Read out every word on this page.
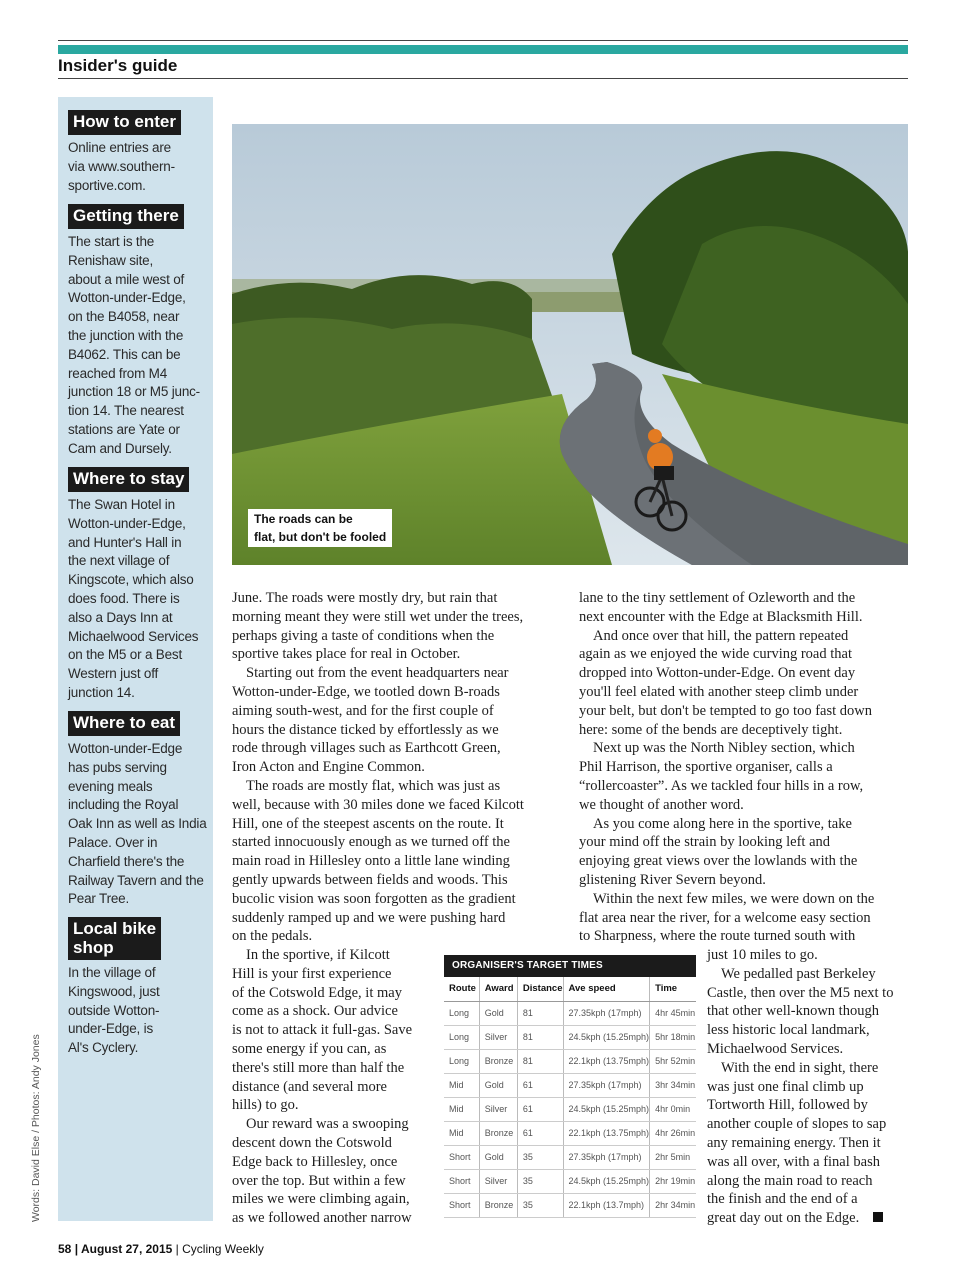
Insider's guide
How to enter
Online entries are
via www.southern-
sportive.com.
Getting there
The start is the
Renishaw site,
about a mile west of
Wotton-under-Edge,
on the B4058, near
the junction with the
B4062. This can be
reached from M4
junction 18 or M5 junc-
tion 14. The nearest
stations are Yate or
Cam and Dursely.
Where to stay
The Swan Hotel in
Wotton-under-Edge,
and Hunter's Hall in
the next village of
Kingscote, which also
does food. There is
also a Days Inn at
Michaelwood Services
on the M5 or a Best
Western just off
junction 14.
Where to eat
Wotton-under-Edge
has pubs serving
evening meals
including the Royal
Oak Inn as well as India
Palace. Over in
Charfield there's the
Railway Tavern and the
Pear Tree.
Local bike
shop
In the village of
Kingswood, just
outside Wotton-
under-Edge, is
Al's Cyclery.
Words: David Else / Photos: Andy Jones
The roads can be
flat, but don't be fooled

June. The roads were mostly dry, but rain that
morning meant they were still wet under the trees,
perhaps giving a taste of conditions when the
sportive takes place for real in October.

Starting out from the event headquarters near
Wotton-under-Edge, we tootled down B-roads
aiming south-west, and for the first couple of
hours the distance ticked by effortlessly as we
rode through villages such as Earthcott Green,
Iron Acton and Engine Common.

The roads are mostly flat, which was just as
well, because with 30 miles done we faced Kilcott
Hill, one of the steepest ascents on the route. It
started innocuously enough as we turned off the
main road in Hillesley onto a little lane winding
gently upwards between fields and woods. This
bucolic vision was soon forgotten as the gradient
suddenly ramped up and we were pushing hard
on the pedals.

In the sportive, if Kilcott
Hill is your first experience
of the Cotswold Edge, it may
come as a shock. Our advice
is not to attack it full-gas. Save
some energy if you can, as
there's still more than half the
distance (and several more
hills) to go.

Our reward was a swooping
descent down the Cotswold
Edge back to Hillesley, once
over the top. But within a few
miles we were climbing again,
as we followed another narrow

lane to the tiny settlement of Ozleworth and the
next encounter with the Edge at Blacksmith Hill.

And once over that hill, the pattern repeated
again as we enjoyed the wide curving road that
dropped into Wotton-under-Edge. On event day
you'll feel elated with another steep climb under
your belt, but don't be tempted to go too fast down
here: some of the bends are deceptively tight.

Next up was the North Nibley section, which
Phil Harrison, the sportive organiser, calls a
“rollercoaster”. As we tackled four hills in a row,
we thought of another word.

As you come along here in the sportive, take
your mind off the strain by looking left and
enjoying great views over the lowlands with the
glistening River Severn beyond.

Within the next few miles, we were down on the
flat area near the river, for a welcome easy section
to Sharpness, where the route turned south with

just 10 miles to go.

We pedalled past Berkeley
Castle, then over the M5 next to
that other well-known though
less historic local landmark,
Michaelwood Services.

With the end in sight, there
was just one final climb up
Tortworth Hill, followed by
another couple of slopes to sap
any remaining energy. Then it
was all over, with a final bash
along the main road to reach
the finish and the end of a
great day out on the Edge.

ORGANISER'S TARGET TIMES
Route	Award	Distance	Ave speed	Time
Long	Gold	81	27.35kph (17mph)	4hr 45min
Long	Silver	81	24.5kph (15.25mph)	5hr 18min
Long	Bronze	81	22.1kph (13.75mph)	5hr 52min
Mid	Gold	61	27.35kph (17mph)	3hr 34min
Mid	Silver	61	24.5kph (15.25mph)	4hr 0min
Mid	Bronze	61	22.1kph (13.75mph)	4hr 26min
Short	Gold	35	27.35kph (17mph)	2hr 5min
Short	Silver	35	24.5kph (15.25mph)	2hr 19min
Short	Bronze	35	22.1kph (13.7mph)	2hr 34min
58 | August 27, 2015 | Cycling Weekly
